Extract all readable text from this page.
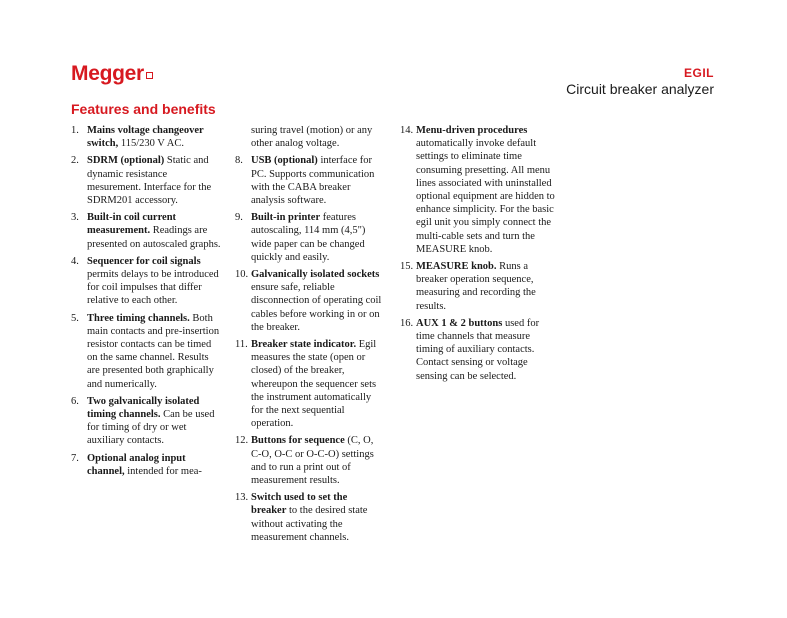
Megger	EGIL
Circuit breaker analyzer
Features and benefits
1. Mains voltage changeover switch, 115/230 V AC.
2. SDRM (optional) Static and dynamic resistance mesurement. Interface for the SDRM201 accessory.
3. Built-in coil current measurement. Readings are presented on autoscaled graphs.
4. Sequencer for coil signals permits delays to be introduced for coil impulses that differ relative to each other.
5. Three timing channels. Both main contacts and pre-insertion resistor contacts can be timed on the same channel. Results are presented both graphically and numerically.
6. Two galvanically isolated timing channels. Can be used for timing of dry or wet auxiliary contacts.
7. Optional analog input channel, intended for mea-
suring travel (motion) or any other analog voltage.
8. USB (optional) interface for PC. Supports communication with the CABA breaker analysis software.
9. Built-in printer features autoscaling, 114 mm (4,5") wide paper can be changed quickly and easily.
10. Galvanically isolated sockets ensure safe, reliable disconnection of operating coil cables before working in or on the breaker.
11. Breaker state indicator. Egil measures the state (open or closed) of the breaker, whereupon the sequencer sets the instrument automatically for the next sequential operation.
12. Buttons for sequence (C, O, C-O, O-C or O-C-O) settings and to run a print out of measurement results.
13. Switch used to set the breaker to the desired state without activating the measurement channels.
14. Menu-driven procedures automatically invoke default settings to eliminate time consuming presetting. All menu lines associated with uninstalled optional equipment are hidden to enhance simplicity. For the basic egil unit you simply connect the multi-cable sets and turn the MEASURE knob.
15. MEASURE knob. Runs a breaker operation sequence, measuring and recording the results.
16. AUX 1 & 2 buttons used for time channels that measure timing of auxiliary contacts. Contact sensing or voltage sensing can be selected.
